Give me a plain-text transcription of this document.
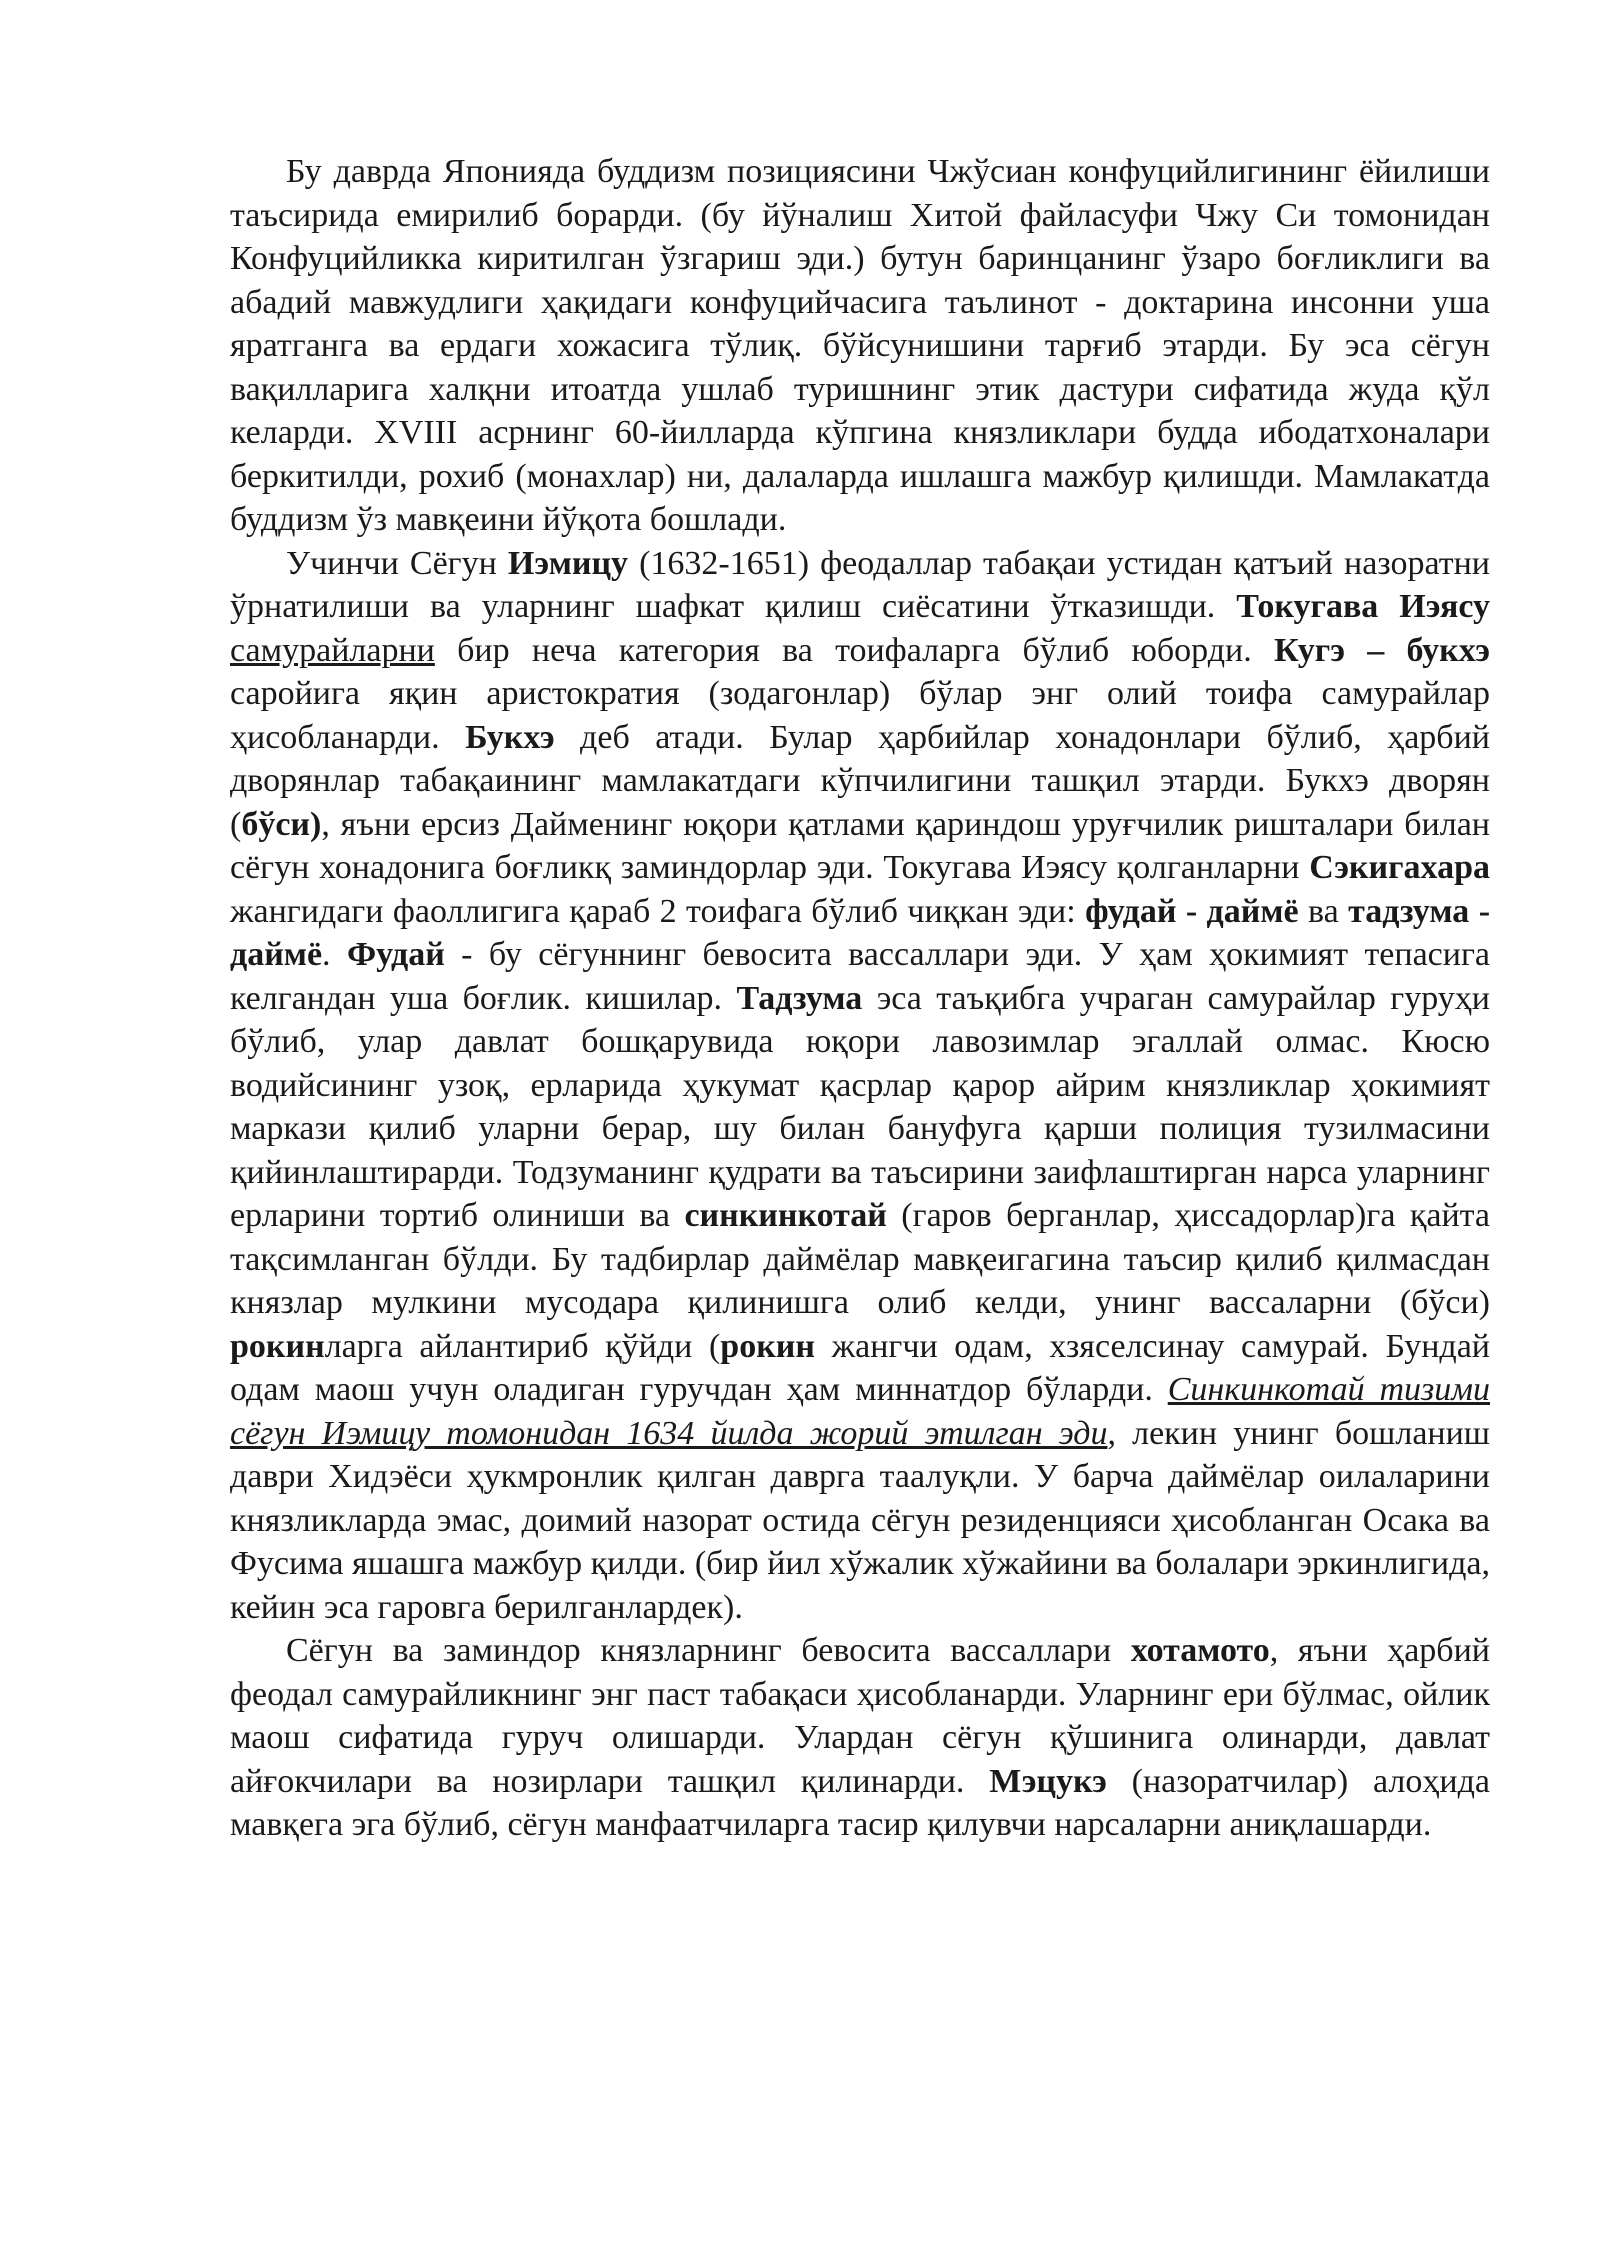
Бу даврда Японияда буддизм позициясини Чжўсиан конфуцийлигининг ёйилиши таъсирида емирилиб борарди. (бу йўналиш Хитой файласуфи Чжу Си томонидан Конфуцийликка киритилган ўзгариш эди.) бутун баринцанинг ўзаро боғликлиги ва абадий мавжудлиги ҳақидаги конфуцийчасига таълинот - доктарина инсонни уша яратганга ва ердаги хожасига тўлиқ. бўйсунишини тарғиб этарди. Бу эса сёгун вақилларига халқни итоатда ушлаб туришнинг этик дастури сифатида жуда қўл келарди. XVIII асрнинг 60-йилларда кўпгина князликлари будда ибодатхоналари беркитилди, рохиб (монахлар) ни, далаларда ишлашга мажбур қилишди. Мамлакатда буддизм ўз мавқеини йўқота бошлади.

Учинчи Сёгун Иэмицу (1632-1651) феодаллар табақаи устидан қатъий назоратни ўрнатилиши ва уларнинг шафкат қилиш сиёсатини ўтказишди. Токугава Иэясу самурайларни бир неча категория ва тоифаларга бўлиб юборди. Кугэ – букхэ саройига яқин аристократия (зодагонлар) бўлар энг олий тоифа самурайлар ҳисобланарди. Букхэ деб атади. Булар ҳарбийлар хонадонлари бўлиб, ҳарбий дворянлар табақаининг мамлакатдаги кўпчилигини ташқил этарди. Букхэ дворян (бўси), яъни ерсиз Дайменинг юқори қатлами қариндош уруғчилик ришталари билан сёгун хонадонига боғликқ заминдорлар эди. Токугава Иэясу қолганларни Сэкигахара жангидаги фаоллигига қараб 2 тоифага бўлиб чиқкан эди: фудай - даймё ва тадзума - даймё. Фудай - бу сёгуннинг бевосита вассаллари эди. У ҳам ҳокимият тепасига келгандан уша боғлик. кишилар. Тадзума эса таъқибга учраган самурайлар гуруҳи бўлиб, улар давлат бошқарувида юқори лавозимлар эгаллай олмас. Кюсю водийсининг узоқ, ерларида ҳукумат қасрлар қарор айрим князликлар ҳокимият маркази қилиб уларни берар, шу билан бануфуга қарши полиция тузилмасини қийинлаштирарди. Тодзуманинг қудрати ва таъсирини заифлаштирган нарса уларнинг ерларини тортиб олиниши ва синкинкотай (гаров берганлар, ҳиссадорлар)га қайта тақсимланган бўлди. Бу тадбирлар даймёлар мавқеигагина таъсир қилиб қилмасдан князлар мулкини мусодара қилинишга олиб келди, унинг вассаларни (бўси) рокинларга айлантириб қўйди (рокин жангчи одам, хзяселсинау самурай. Бундай одам маош учун оладиган гуручдан ҳам миннатдор бўларди. Синкинкотай тизими сёгун Иэмицу томонидан 1634 йилда жорий этилган эди, лекин унинг бошланиш даври Хидэёси ҳукмронлик қилган даврга таалуқли. У барча даймёлар оилаларини князликларда эмас, доимий назорат остида сёгун резиденцияси ҳисобланган Осака ва Фусима яшашга мажбур қилди. (бир йил хўжалик хўжайини ва болалари эркинлигида, кейин эса гаровга берилганлардек).

Сёгун ва заминдор князларнинг бевосита вассаллари хотамото, яъни ҳарбий феодал самурайликнинг энг паст табақаси ҳисобланарди. Уларнинг ери бўлмас, ойлик маош сифатида гуруч олишарди. Улардан сёгун қўшинига олинарди, давлат айғокчилари ва нозирлари ташқил қилинарди. Мэцукэ (назоратчилар) алоҳида мавқега эга бўлиб, сёгун манфаатчиларга тасир қилувчи нарсаларни аниқлашарди.
